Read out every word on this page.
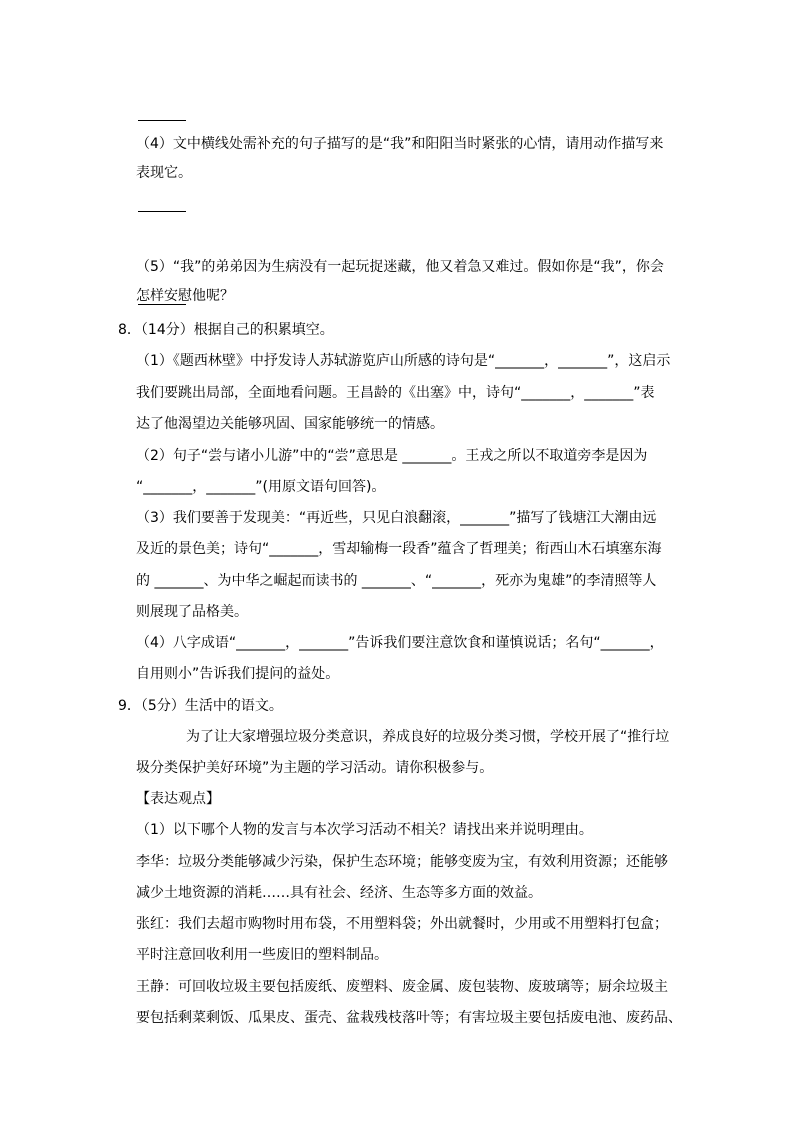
（4）文中横线处需补充的句子描写的是“我”和阳阳当时紧张的心情，请用动作描写来
表现它。
（5）“我”的弟弟因为生病没有一起玩捉迷藏，他又着急又难过。假如你是“我”，你会
怎样安慰他呢？
8．（14分）根据自己的积累填空。
（1）《题西林壁》中抒发诗人苏轼游览庐山所感的诗句是“_______，_______”，这启示
我们要跳出局部，全面地看问题。王昌龄的《出塞》中，诗句“_______，_______”表
达了他渴望边关能够巩固、国家能够统一的情感。
（2）句子“尝与诸小儿游”中的“尝”意思是 _______。王戎之所以不取道旁李是因为
“_______，_______”(用原文语句回答)。
（3）我们要善于发现美：“再近些，只见白浪翻滚，_______”描写了钱塘江大潮由远
及近的景色美；诗句“_______，雪却输梅一段香”蕴含了哲理美；衔西山木石填塞东海
的 _______、为中华之崛起而读书的 _______、“_______，死亦为鬼雄”的李清照等人
则展现了品格美。
（4）八字成语“_______，_______”告诉我们要注意饮食和谨慎说话；名句“_______，
自用则小”告诉我们提问的益处。
9．（5分）生活中的语文。
为了让大家增强垃圾分类意识，养成良好的垃圾分类习惯，学校开展了“推行垃
圾分类保护美好环境”为主题的学习活动。请你积极参与。
【表达观点】
（1）以下哪个人物的发言与本次学习活动不相关？请找出来并说明理由。
李华：垃圾分类能够减少污染，保护生态环境；能够变废为宝，有效利用资源；还能够
减少土地资源的消耗……具有社会、经济、生态等多方面的效益。
张红：我们去超市购物时用布袋，不用塑料袋；外出就餐时，少用或不用塑料打包盒；
平时注意回收利用一些废旧的塑料制品。
王静：可回收垃圾主要包括废纸、废塑料、废金属、废包装物、废玻璃等；厨余垃圾主
要包括剩菜剩饭、瓜果皮、蛋壳、盆栽残枝落叶等；有害垃圾主要包括废电池、废药品、
